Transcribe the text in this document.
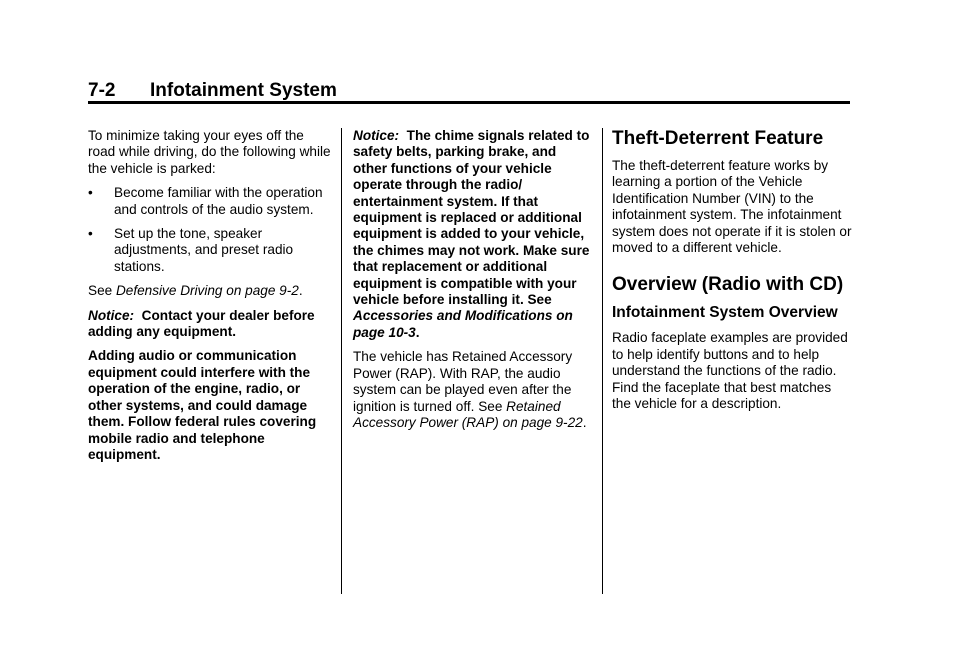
7-2 Infotainment System

To minimize taking your eyes off the road while driving, do the following while the vehicle is parked:

• Become familiar with the operation and controls of the audio system.
• Set up the tone, speaker adjustments, and preset radio stations.

See Defensive Driving on page 9-2.

Notice: Contact your dealer before adding any equipment.

Adding audio or communication equipment could interfere with the operation of the engine, radio, or other systems, and could damage them. Follow federal rules covering mobile radio and telephone equipment.

Notice: The chime signals related to safety belts, parking brake, and other functions of your vehicle operate through the radio/ entertainment system. If that equipment is replaced or additional equipment is added to your vehicle, the chimes may not work. Make sure that replacement or additional equipment is compatible with your vehicle before installing it. See Accessories and Modifications on page 10-3.

The vehicle has Retained Accessory Power (RAP). With RAP, the audio system can be played even after the ignition is turned off. See Retained Accessory Power (RAP) on page 9-22.

Theft-Deterrent Feature

The theft-deterrent feature works by learning a portion of the Vehicle Identification Number (VIN) to the infotainment system. The infotainment system does not operate if it is stolen or moved to a different vehicle.

Overview (Radio with CD)
Infotainment System Overview

Radio faceplate examples are provided to help identify buttons and to help understand the functions of the radio. Find the faceplate that best matches the vehicle for a description.
